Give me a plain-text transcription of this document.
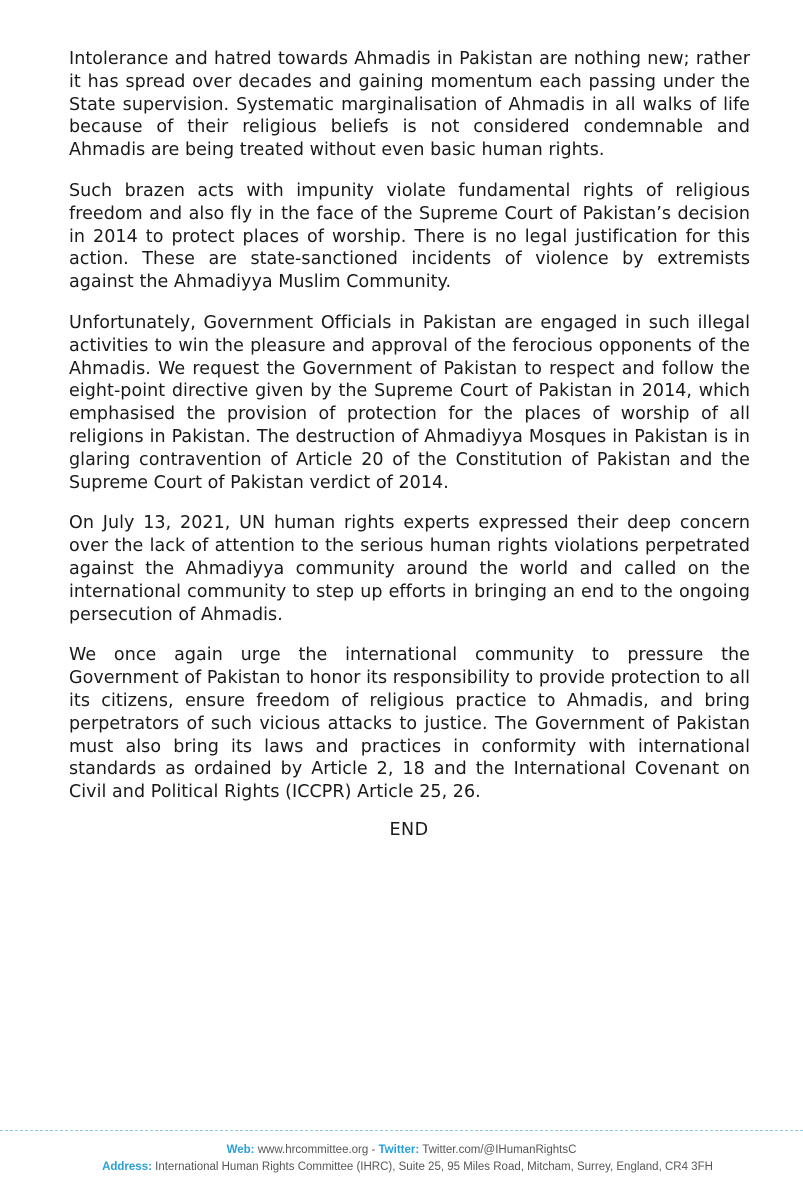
Intolerance and hatred towards Ahmadis in Pakistan are nothing new; rather it has spread over decades and gaining momentum each passing under the State supervision. Systematic marginalisation of Ahmadis in all walks of life because of their religious beliefs is not considered condemnable and Ahmadis are being treated without even basic human rights.

Such brazen acts with impunity violate fundamental rights of religious freedom and also fly in the face of the Supreme Court of Pakistan’s decision in 2014 to protect places of worship. There is no legal justification for this action. These are state-sanctioned incidents of violence by extremists against the Ahmadiyya Muslim Community.

Unfortunately, Government Officials in Pakistan are engaged in such illegal activities to win the pleasure and approval of the ferocious opponents of the Ahmadis. We request the Government of Pakistan to respect and follow the eight-point directive given by the Supreme Court of Pakistan in 2014, which emphasised the provision of protection for the places of worship of all religions in Pakistan. The destruction of Ahmadiyya Mosques in Pakistan is in glaring contravention of Article 20 of the Constitution of Pakistan and the Supreme Court of Pakistan verdict of 2014.

On July 13, 2021, UN human rights experts expressed their deep concern over the lack of attention to the serious human rights violations perpetrated against the Ahmadiyya community around the world and called on the international community to step up efforts in bringing an end to the ongoing persecution of Ahmadis.

We once again urge the international community to pressure the Government of Pakistan to honor its responsibility to provide protection to all its citizens, ensure freedom of religious practice to Ahmadis, and bring perpetrators of such vicious attacks to justice. The Government of Pakistan must also bring its laws and practices in conformity with international standards as ordained by Article 2, 18 and the International Covenant on Civil and Political Rights (ICCPR) Article 25, 26.

END
Web: www.hrcommittee.org - Twitter: Twitter.com/@IHumanRightsC
Address: International Human Rights Committee (IHRC), Suite 25, 95 Miles Road, Mitcham, Surrey, England, CR4 3FH
